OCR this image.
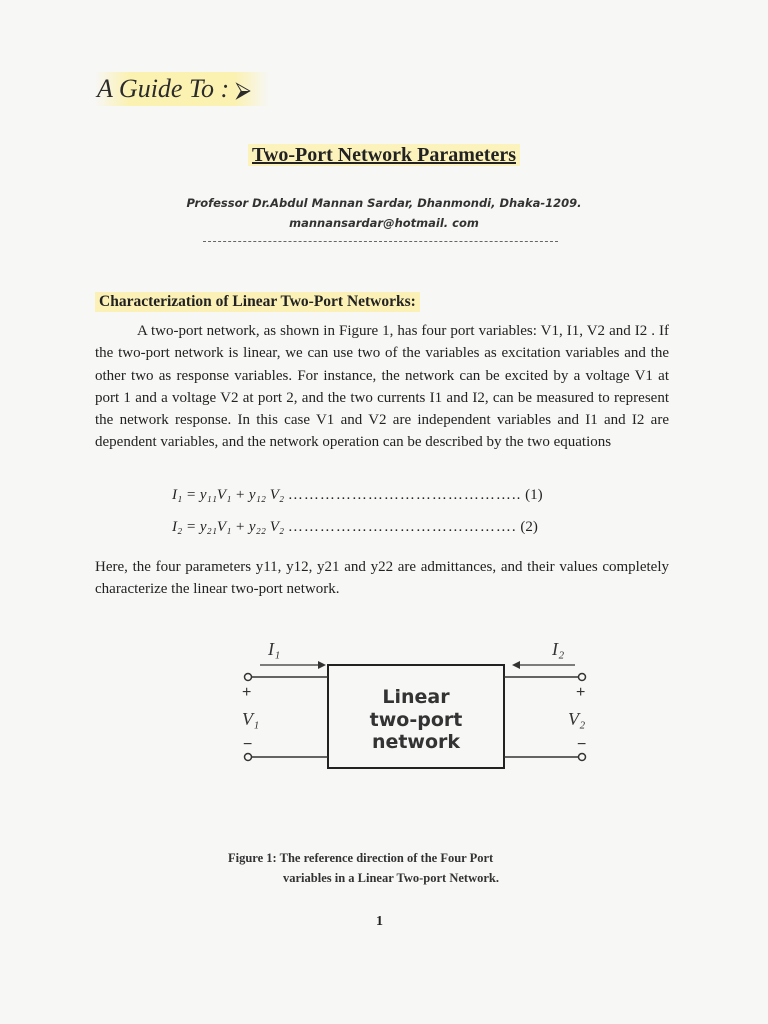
A Guide To : ⮚
Two-Port Network Parameters
Professor Dr.Abdul Mannan Sardar, Dhanmondi, Dhaka-1209.
mannansardar@hotmail. com
Characterization of Linear Two-Port Networks:

A two-port network, as shown in Figure 1, has four port variables: V1, I1, V2 and I2 . If the two-port network is linear, we can use two of the variables as excitation variables and the other two as response variables. For instance, the network can be excited by a voltage V1 at port 1 and a voltage V2 at port 2, and the two currents I1 and I2, can be measured to represent the network response. In this case V1 and V2 are independent variables and I1 and I2 are dependent variables, and the network operation can be described by the two equations

I₁ = y₁₁V₁ + y₁₂ V₂ …………………………………….. (1)
I₂ = y₂₁V₁ + y₂₂ V₂ ……………………………………. (2)

Here, the four parameters y11, y12, y21 and y22 are admittances, and their values completely characterize the linear two-port network.

Linear
two-port
network
I₁	I₂
+
V₁
−
+
V₂
−
Figure 1: The reference direction of the Four Port
variables in a Linear Two-port Network.
1
